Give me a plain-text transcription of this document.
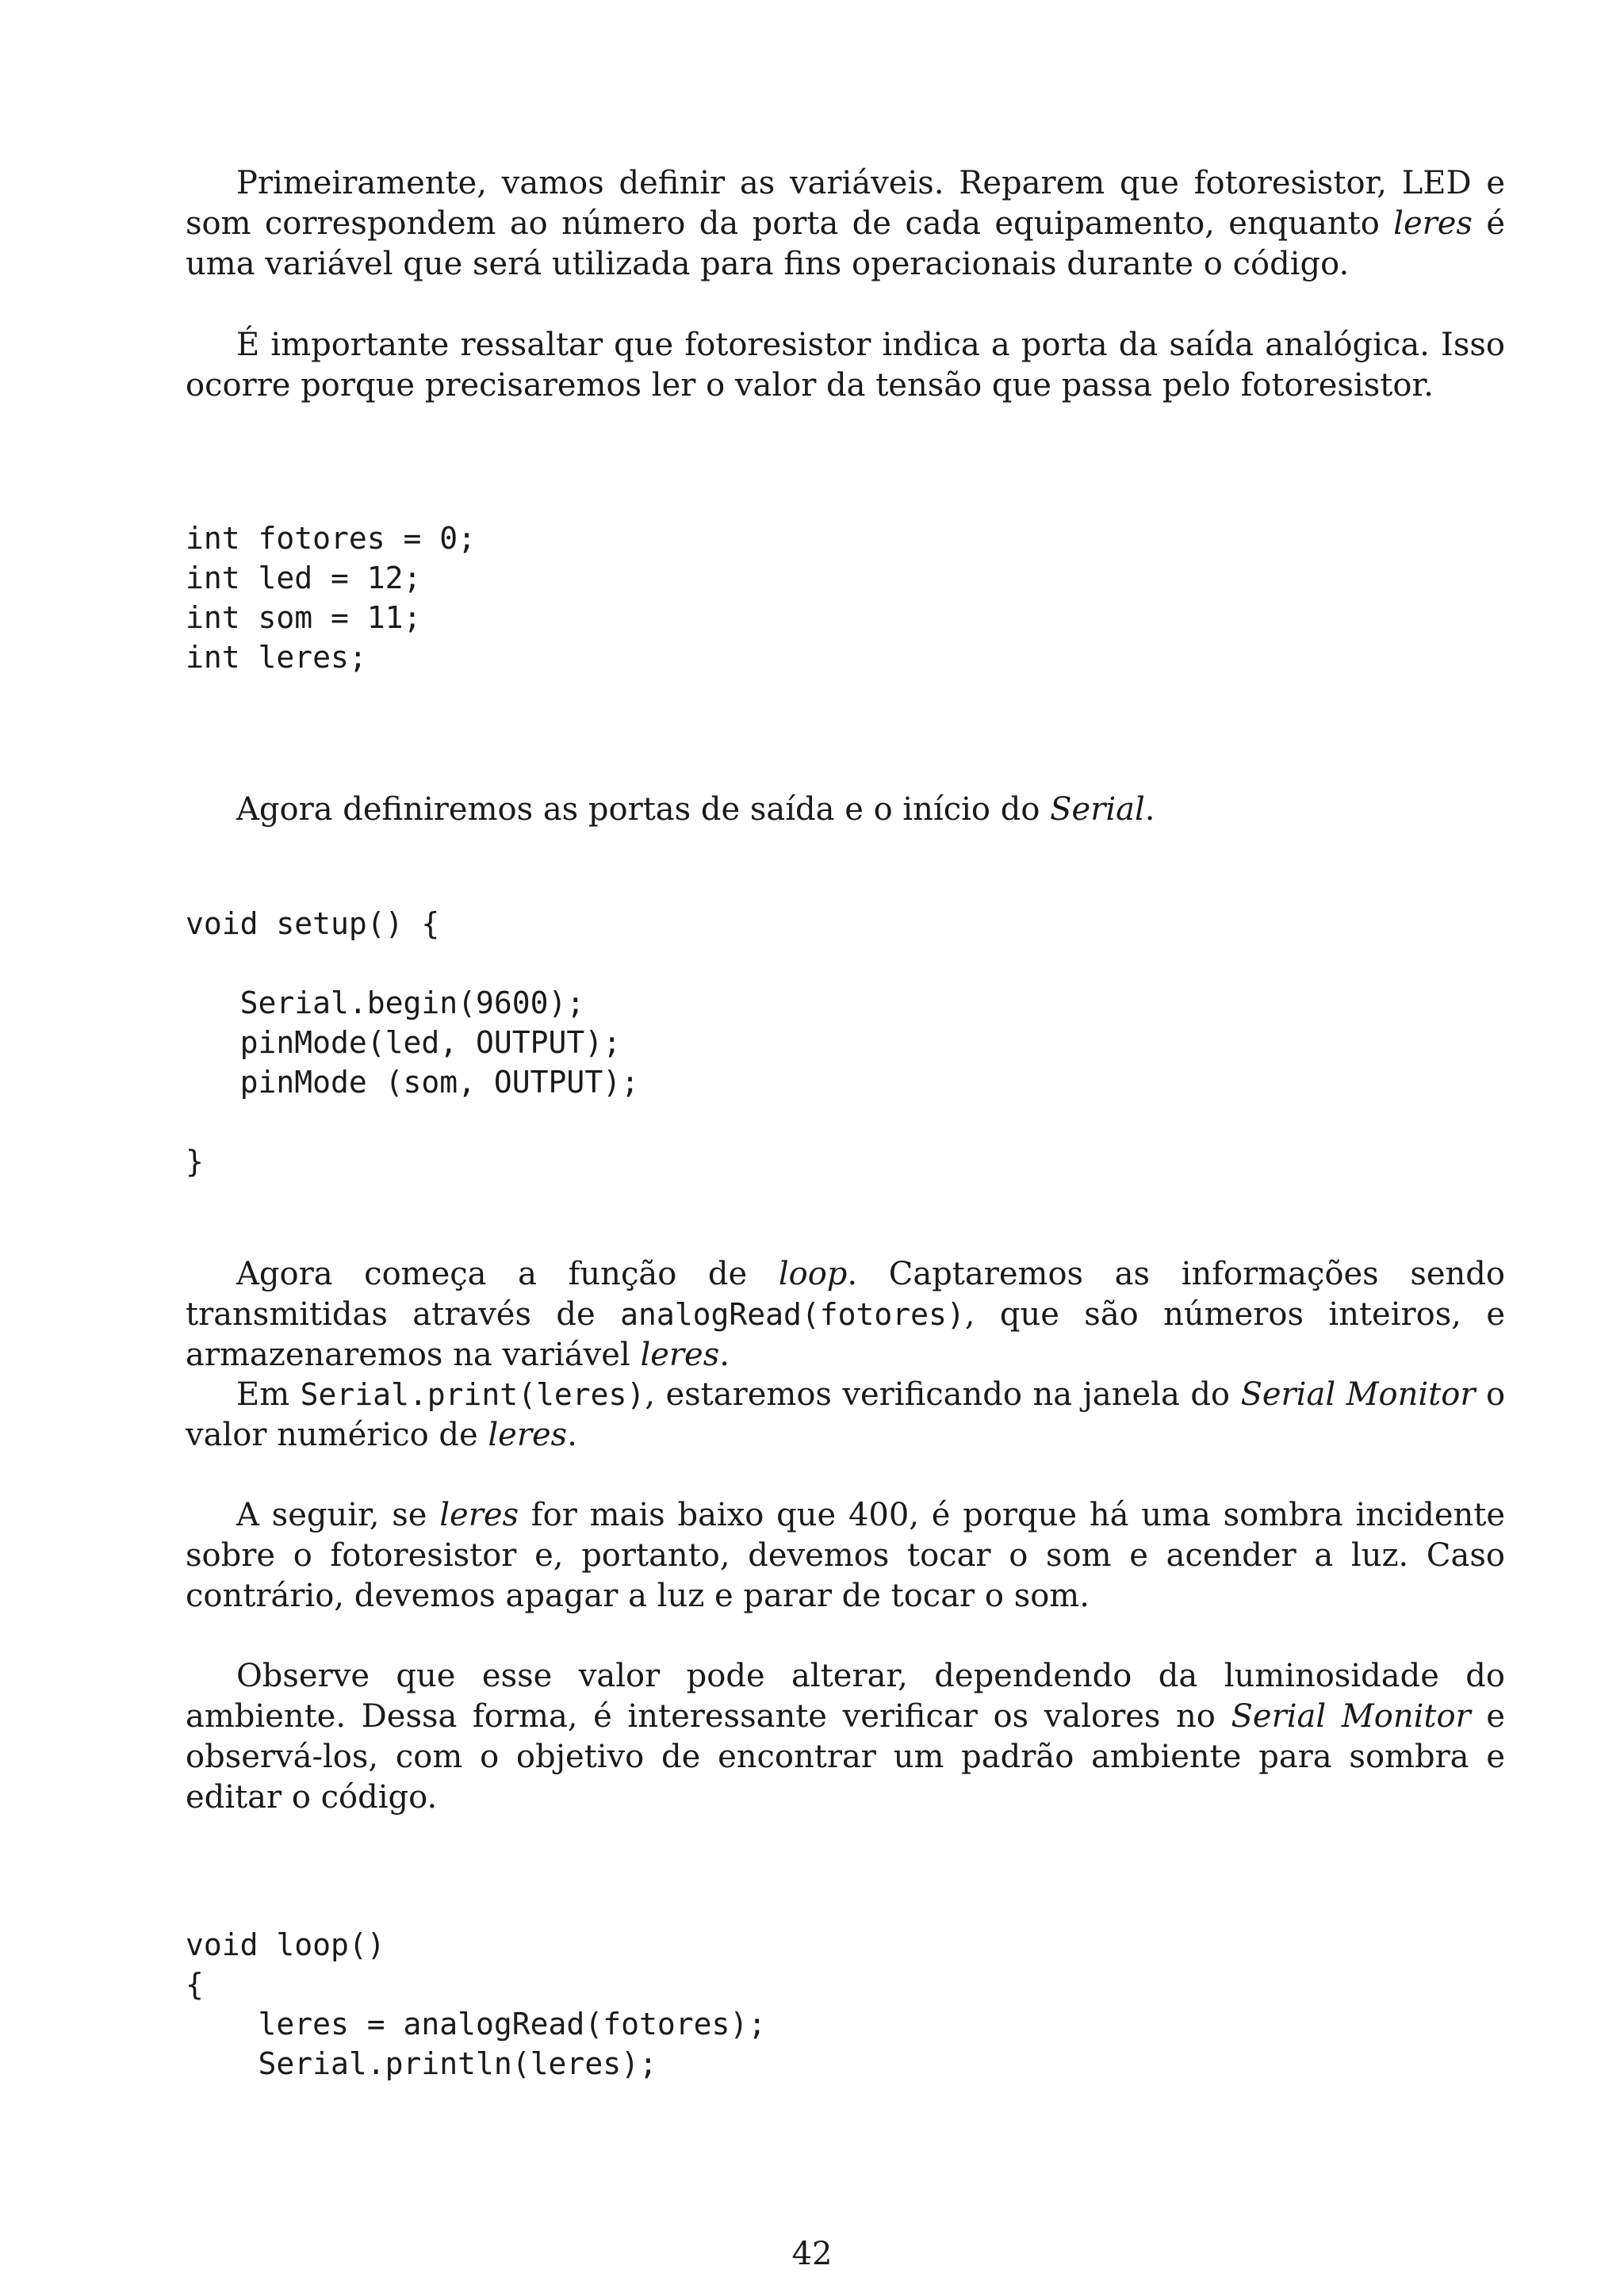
Primeiramente, vamos definir as variáveis. Reparem que fotoresistor, LED e som correspondem ao número da porta de cada equipamento, enquanto leres é uma variável que será utilizada para fins operacionais durante o código.

É importante ressaltar que fotoresistor indica a porta da saída analógica. Isso ocorre porque precisaremos ler o valor da tensão que passa pelo fotoresistor.

int fotores = 0;
int led = 12;
int som = 11;
int leres;

Agora definiremos as portas de saída e o início do Serial.

void setup() {

Serial.begin(9600);
pinMode(led, OUTPUT);
pinMode (som, OUTPUT);

}

Agora começa a função de loop. Captaremos as informações sendo transmitidas através de analogRead(fotores), que são números inteiros, e armazenaremos na variável leres.

Em Serial.print(leres), estaremos verificando na janela do Serial Monitor o valor numérico de leres.

A seguir, se leres for mais baixo que 400, é porque há uma sombra incidente sobre o fotoresistor e, portanto, devemos tocar o som e acender a luz. Caso contrário, devemos apagar a luz e parar de tocar o som.

Observe que esse valor pode alterar, dependendo da luminosidade do ambiente. Dessa forma, é interessante verificar os valores no Serial Monitor e observá-los, com o objetivo de encontrar um padrão ambiente para sombra e editar o código.

void loop()
{
leres = analogRead(fotores);
Serial.println(leres);
42
